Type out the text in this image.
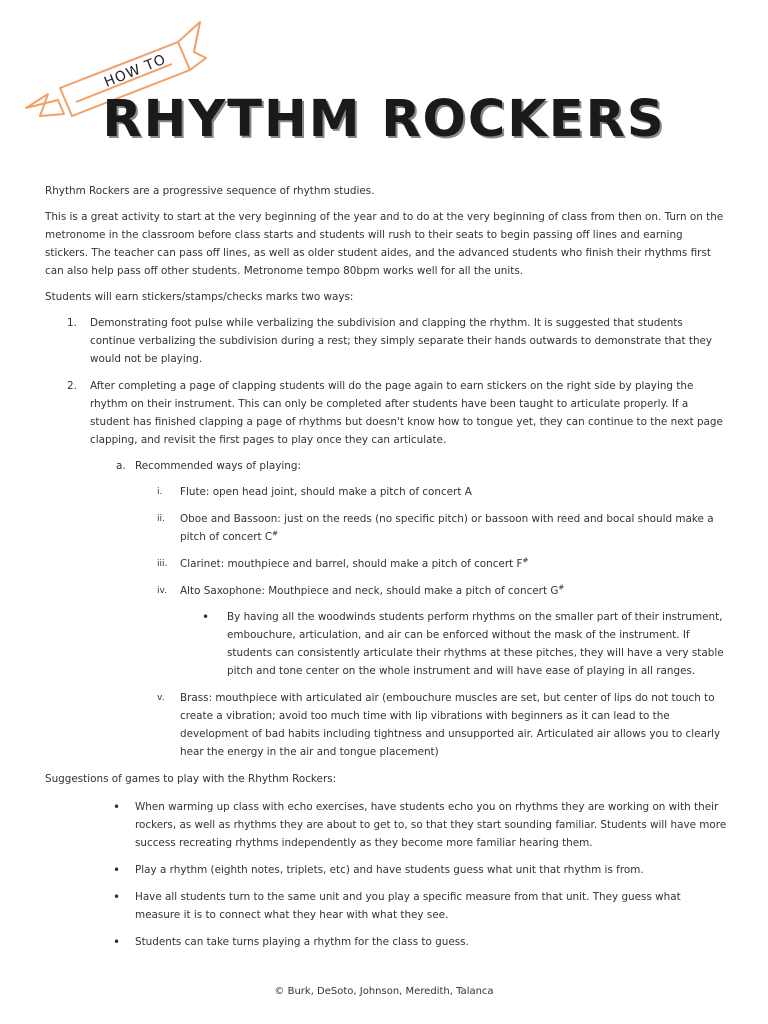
HOW TO
RHYTHM ROCKERS

Rhythm Rockers are a progressive sequence of rhythm studies.

This is a great activity to start at the very beginning of the year and to do at the very beginning of class from then on. Turn on the metronome in the classroom before class starts and students will rush to their seats to begin passing off lines and earning stickers. The teacher can pass off lines, as well as older student aides, and the advanced students who finish their rhythms first can also help pass off other students. Metronome tempo 80bpm works well for all the units.

Students will earn stickers/stamps/checks marks two ways:

1. Demonstrating foot pulse while verbalizing the subdivision and clapping the rhythm. It is suggested that students continue verbalizing the subdivision during a rest; they simply separate their hands outwards to demonstrate that they would not be playing.
2. After completing a page of clapping students will do the page again to earn stickers on the right side by playing the rhythm on their instrument. This can only be completed after students have been taught to articulate properly. If a student has finished clapping a page of rhythms but doesn't know how to tongue yet, they can continue to the next page clapping, and revisit the first pages to play once they can articulate.
a. Recommended ways of playing:
i. Flute: open head joint, should make a pitch of concert A
ii. Oboe and Bassoon: just on the reeds (no specific pitch) or bassoon with reed and bocal should make a pitch of concert C#
iii. Clarinet: mouthpiece and barrel, should make a pitch of concert F#
iv. Alto Saxophone: Mouthpiece and neck, should make a pitch of concert G#
• By having all the woodwinds students perform rhythms on the smaller part of their instrument, embouchure, articulation, and air can be enforced without the mask of the instrument. If students can consistently articulate their rhythms at these pitches, they will have a very stable pitch and tone center on the whole instrument and will have ease of playing in all ranges.
v. Brass: mouthpiece with articulated air (embouchure muscles are set, but center of lips do not touch to create a vibration; avoid too much time with lip vibrations with beginners as it can lead to the development of bad habits including tightness and unsupported air. Articulated air allows you to clearly hear the energy in the air and tongue placement)

Suggestions of games to play with the Rhythm Rockers:

• When warming up class with echo exercises, have students echo you on rhythms they are working on with their rockers, as well as rhythms they are about to get to, so that they start sounding familiar. Students will have more success recreating rhythms independently as they become more familiar hearing them.
• Play a rhythm (eighth notes, triplets, etc) and have students guess what unit that rhythm is from.
• Have all students turn to the same unit and you play a specific measure from that unit. They guess what measure it is to connect what they hear with what they see.
• Students can take turns playing a rhythm for the class to guess.
© Burk, DeSoto, Johnson, Meredith, Talanca
